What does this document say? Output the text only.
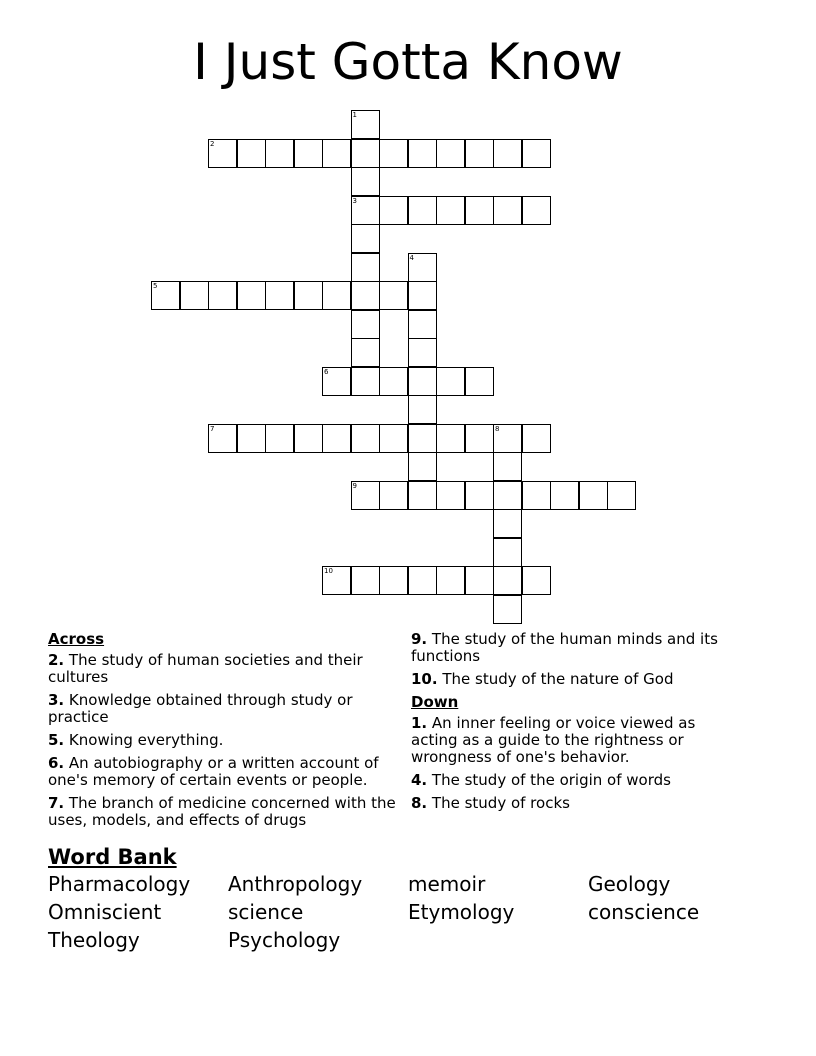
I Just Gotta Know
2
3
5
6
7	8
9
10
1
4
Across
2. The study of human societies and their cultures
3. Knowledge obtained through study or practice
5. Knowing everything.
6. An autobiography or a written account of one's memory of certain events or people.
7. The branch of medicine concerned with the uses, models, and effects of drugs
9. The study of the human minds and its functions
10. The study of the nature of God
Down
1. An inner feeling or voice viewed as acting as a guide to the rightness or wrongness of one's behavior.
4. The study of the origin of words
8. The study of rocks
Word Bank
Pharmacology	Anthropology	memoir	Geology
Omniscient	science	Etymology	conscience
Theology	Psychology
